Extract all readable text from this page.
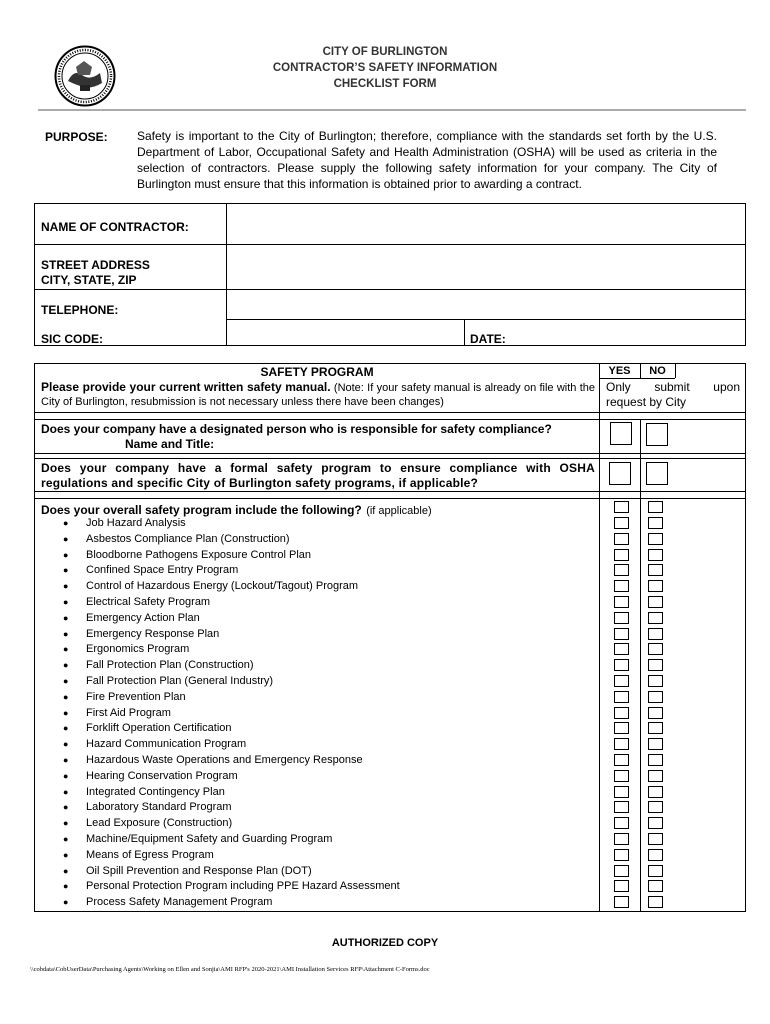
CITY OF BURLINGTON
CONTRACTOR’S SAFETY INFORMATION
CHECKLIST FORM
PURPOSE: Safety is important to the City of Burlington; therefore, compliance with the standards set forth by the U.S. Department of Labor, Occupational Safety and Health Administration (OSHA) will be used as criteria in the selection of contractors. Please supply the following safety information for your company. The City of Burlington must ensure that this information is obtained prior to awarding a contract.
NAME OF CONTRACTOR:
STREET ADDRESS
CITY, STATE, ZIP
TELEPHONE:
SIC CODE:	DATE:
SAFETY PROGRAM	YES	NO
Please provide your current written safety manual. (Note: If your safety manual is already on file with the City of Burlington, resubmission is not necessary unless there have been changes)
Only submit upon request by City
Does your company have a designated person who is responsible for safety compliance?
Name and Title:
Does your company have a formal safety program to ensure compliance with OSHA regulations and specific City of Burlington safety programs, if applicable?
Does your overall safety program include the following? (if applicable)
● Job Hazard Analysis
● Asbestos Compliance Plan (Construction)
● Bloodborne Pathogens Exposure Control Plan
● Confined Space Entry Program
● Control of Hazardous Energy (Lockout/Tagout) Program
● Electrical Safety Program
● Emergency Action Plan
● Emergency Response Plan
● Ergonomics Program
● Fall Protection Plan (Construction)
● Fall Protection Plan (General Industry)
● Fire Prevention Plan
● First Aid Program
● Forklift Operation Certification
● Hazard Communication Program
● Hazardous Waste Operations and Emergency Response
● Hearing Conservation Program
● Integrated Contingency Plan
● Laboratory Standard Program
● Lead Exposure (Construction)
● Machine/Equipment Safety and Guarding Program
● Means of Egress Program
● Oil Spill Prevention and Response Plan (DOT)
● Personal Protection Program including PPE Hazard Assessment
● Process Safety Management Program
AUTHORIZED COPY
\\cobdata\CobUserData\Purchasing Agents\Working on Ellen and Sonjia\AMI RFP's 2020-2021\AMI Installation Services RFP\Attachment C-Forms.doc
